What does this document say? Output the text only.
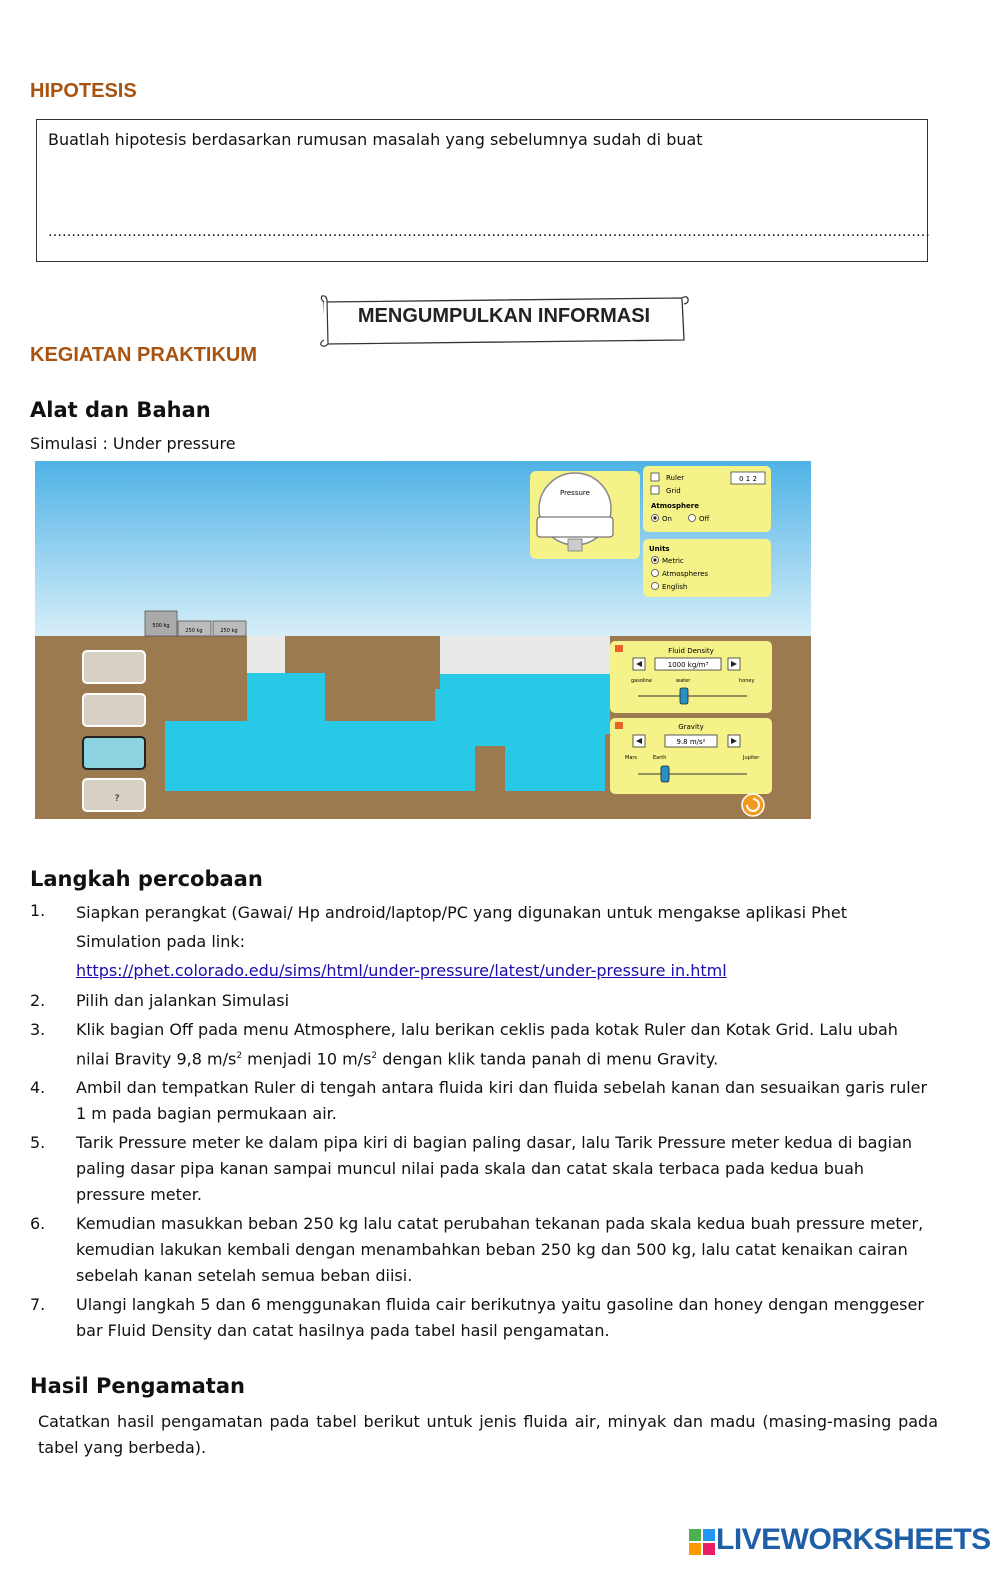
HIPOTESIS
Buatlah hipotesis berdasarkan rumusan masalah yang sebelumnya sudah di buat
………………………………………………………………………………………………………………………………………………………………………
MENGUMPULKAN INFORMASI
KEGIATAN PRAKTIKUM
Alat dan Bahan
Simulasi : Under pressure
500 kg
250 kg	250 kg
?
Pressure
Ruler
Grid
0 1 2
Atmosphere
On	Off
Units
Metric
Atmospheres
English
Fluid Density
1000 kg/m³
gasoline	water	honey
Gravity
9.8 m/s²
Mars	Earth	Jupiter
Langkah percobaan
1. Siapkan perangkat (Gawai/ Hp android/laptop/PC yang digunakan untuk mengakse aplikasi Phet Simulation pada link:
https://phet.colorado.edu/sims/html/under-pressure/latest/under-pressure in.html
2. Pilih dan jalankan Simulasi
3. Klik bagian Off pada menu Atmosphere, lalu berikan ceklis pada kotak Ruler dan Kotak Grid. Lalu ubah nilai Bravity 9,8 $m/s^2$ menjadi 10 $m/s^2$ dengan klik tanda panah di menu Gravity.
4. Ambil dan tempatkan Ruler di tengah antara fluida kiri dan fluida sebelah kanan dan sesuaikan garis ruler 1 m pada bagian permukaan air.
5. Tarik Pressure meter ke dalam pipa kiri di bagian paling dasar, lalu Tarik Pressure meter kedua di bagian paling dasar pipa kanan sampai muncul nilai pada skala dan catat skala terbaca pada kedua buah pressure meter.
6. Kemudian masukkan beban 250 kg lalu catat perubahan tekanan pada skala kedua buah pressure meter, kemudian lakukan kembali dengan menambahkan beban 250 kg dan 500 kg, lalu catat kenaikan cairan sebelah kanan setelah semua beban diisi.
7. Ulangi langkah 5 dan 6 menggunakan fluida cair berikutnya yaitu gasoline dan honey dengan menggeser bar Fluid Density dan catat hasilnya pada tabel hasil pengamatan.
Hasil Pengamatan
Catatkan hasil pengamatan pada tabel berikut untuk jenis fluida air, minyak dan madu (masing-masing pada tabel yang berbeda).
LIVEWORKSHEETS
